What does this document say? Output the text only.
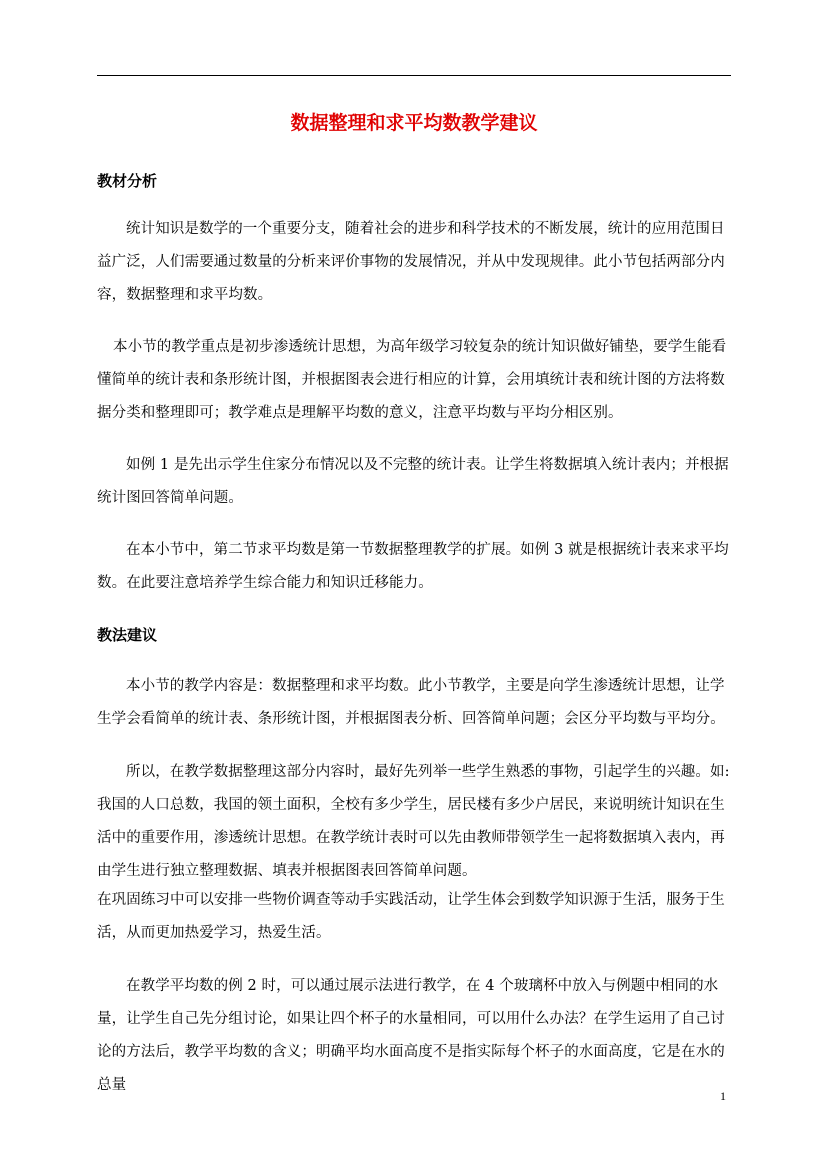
数据整理和求平均数教学建议
教材分析

统计知识是数学的一个重要分支，随着社会的进步和科学技术的不断发展，统计的应用范围日益广泛，人们需要通过数量的分析来评价事物的发展情况，并从中发现规律。此小节包括两部分内容，数据整理和求平均数。

本小节的教学重点是初步渗透统计思想，为高年级学习较复杂的统计知识做好铺垫，要学生能看懂简单的统计表和条形统计图，并根据图表会进行相应的计算，会用填统计表和统计图的方法将数据分类和整理即可；教学难点是理解平均数的意义，注意平均数与平均分相区别。

如例 1 是先出示学生住家分布情况以及不完整的统计表。让学生将数据填入统计表内；并根据统计图回答简单问题。

在本小节中，第二节求平均数是第一节数据整理教学的扩展。如例 3 就是根据统计表来求平均数。在此要注意培养学生综合能力和知识迁移能力。

教法建议

本小节的教学内容是：数据整理和求平均数。此小节教学，主要是向学生渗透统计思想，让学生学会看简单的统计表、条形统计图，并根据图表分析、回答简单问题；会区分平均数与平均分。

所以，在教学数据整理这部分内容时，最好先列举一些学生熟悉的事物，引起学生的兴趣。如:我国的人口总数，我国的领土面积，全校有多少学生，居民楼有多少户居民，来说明统计知识在生活中的重要作用，渗透统计思想。在教学统计表时可以先由教师带领学生一起将数据填入表内，再由学生进行独立整理数据、填表并根据图表回答简单问题。

在巩固练习中可以安排一些物价调查等动手实践活动，让学生体会到数学知识源于生活，服务于生活，从而更加热爱学习，热爱生活。

在教学平均数的例 2 时，可以通过展示法进行教学，在 4 个玻璃杯中放入与例题中相同的水量，让学生自己先分组讨论，如果让四个杯子的水量相同，可以用什么办法？在学生运用了自己讨论的方法后，教学平均数的含义；明确平均水面高度不是指实际每个杯子的水面高度，它是在水的总量

1
